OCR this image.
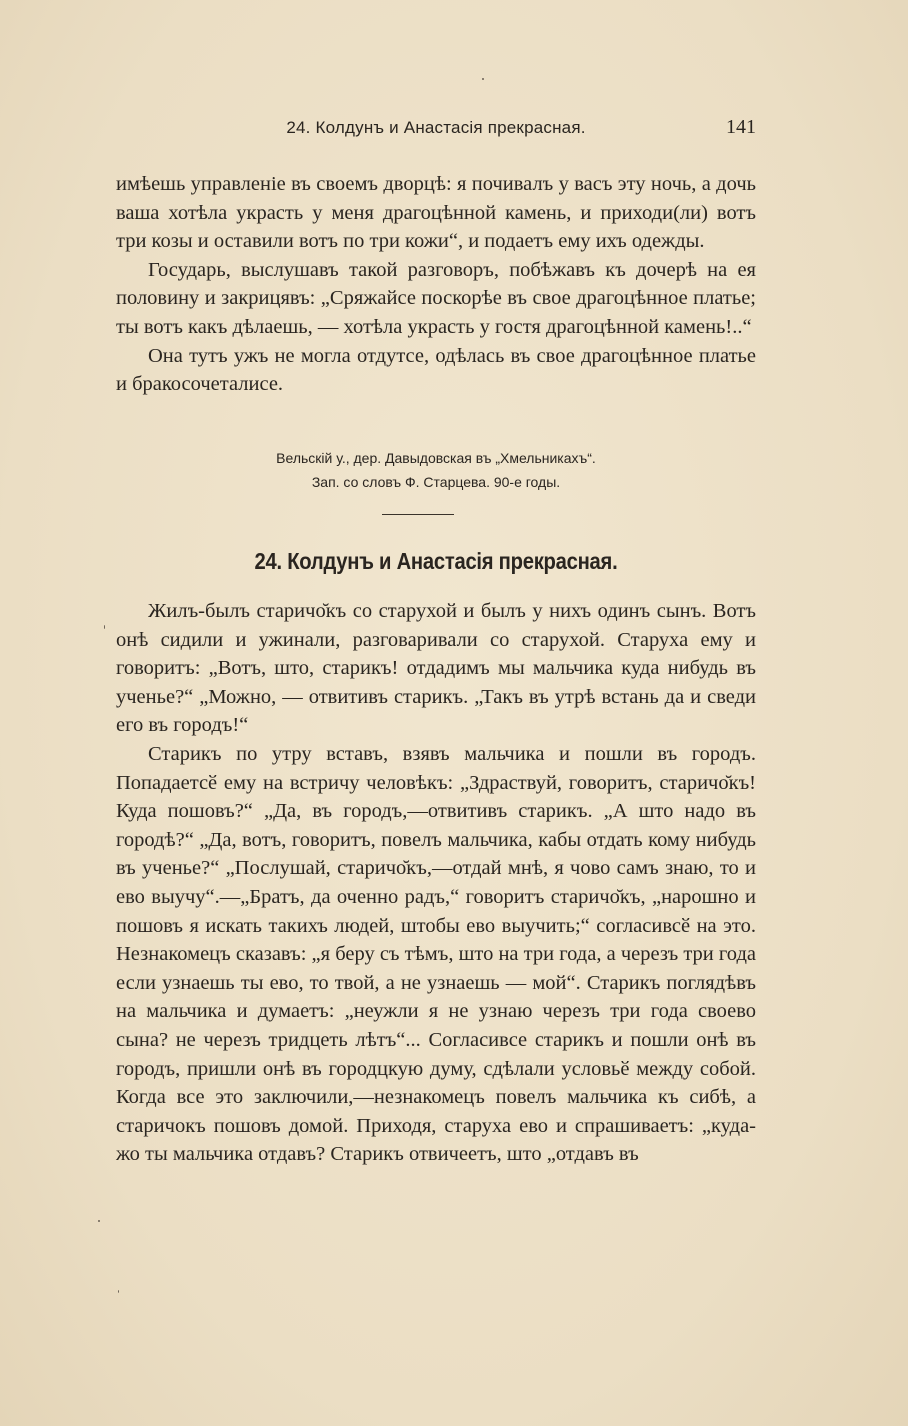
24. Колдунъ и Анастасія прекрасная.	141

имѣешь управленіе въ своемъ дворцѣ: я почивалъ у васъ эту ночь, а дочь ваша хотѣла украсть у меня драгоцѣнной камень, и приходи(ли) вотъ три козы и оставили вотъ по три кожи“, и подаетъ ему ихъ одежды.

Государь, выслушавъ такой разговоръ, побѣжавъ къ дочерѣ на ея половину и закрицявъ: „Сряжайсе поскорѣе въ свое драгоцѣнное платье; ты вотъ какъ дѣлаешь, — хотѣла украсть у гостя драгоцѣнной камень!..“

Она тутъ ужъ не могла отдутсе, одѣлась въ свое драгоцѣнное платье и бракосочеталисе.

Вельскій у., дер. Давыдовская въ „Хмельникахъ“.
Зап. со словъ Ф. Старцева. 90-е годы.
24. Колдунъ и Анастасія прекрасная.

Жилъ-былъ старичо̆къ со старухой и былъ у нихъ одинъ сынъ. Вотъ онѣ сидили и ужинали, разговаривали со старухой. Старуха ему и говоритъ: „Вотъ, што, старикъ! отдадимъ мы мальчика куда нибудь въ ученье?“ „Можно, — отвитивъ старикъ. „Такъ въ утрѣ встань да и сведи его въ городъ!“

Старикъ по утру вставъ, взявъ мальчика и пошли въ городъ. Попадаетсӗ ему на встричу человѣкъ: „Здраствуй, говоритъ, старичо̆къ! Куда пошовъ?“ „Да, въ городъ,—отвитивъ старикъ. „А што надо въ городѣ?“ „Да, вотъ, говоритъ, повелъ мальчика, кабы отдать кому нибудь въ ученье?“ „Послушай, старичо̆къ,—отдай мнѣ, я чово самъ знаю, то и ево выучу“.—„Братъ, да оченно радъ,“ говоритъ старичо̆къ, „нарошно и пошовъ я искать такихъ людей, штобы ево выучить;“ согласивсӗ на это. Незнакомецъ сказавъ: „я беру съ тѣмъ, што на три года, а черезъ три года если узнаешь ты ево, то твой, а не узнаешь — мой“. Старикъ поглядѣвъ на мальчика и думаетъ: „неужли я не узнаю черезъ три года своево сына? не черезъ тридцеть лѣтъ“... Согласивсе старикъ и пошли онѣ въ городъ, пришли онѣ въ городцкую думу, сдѣлали условьӗ между собой. Когда все это заключили,—незнакомецъ повелъ мальчика къ сибѣ, а старичокъ пошовъ домой. Приходя, старуха ево и спрашиваетъ: „куда-жо ты мальчика отдавъ? Старикъ отвичеетъ, што „отдавъ въ
